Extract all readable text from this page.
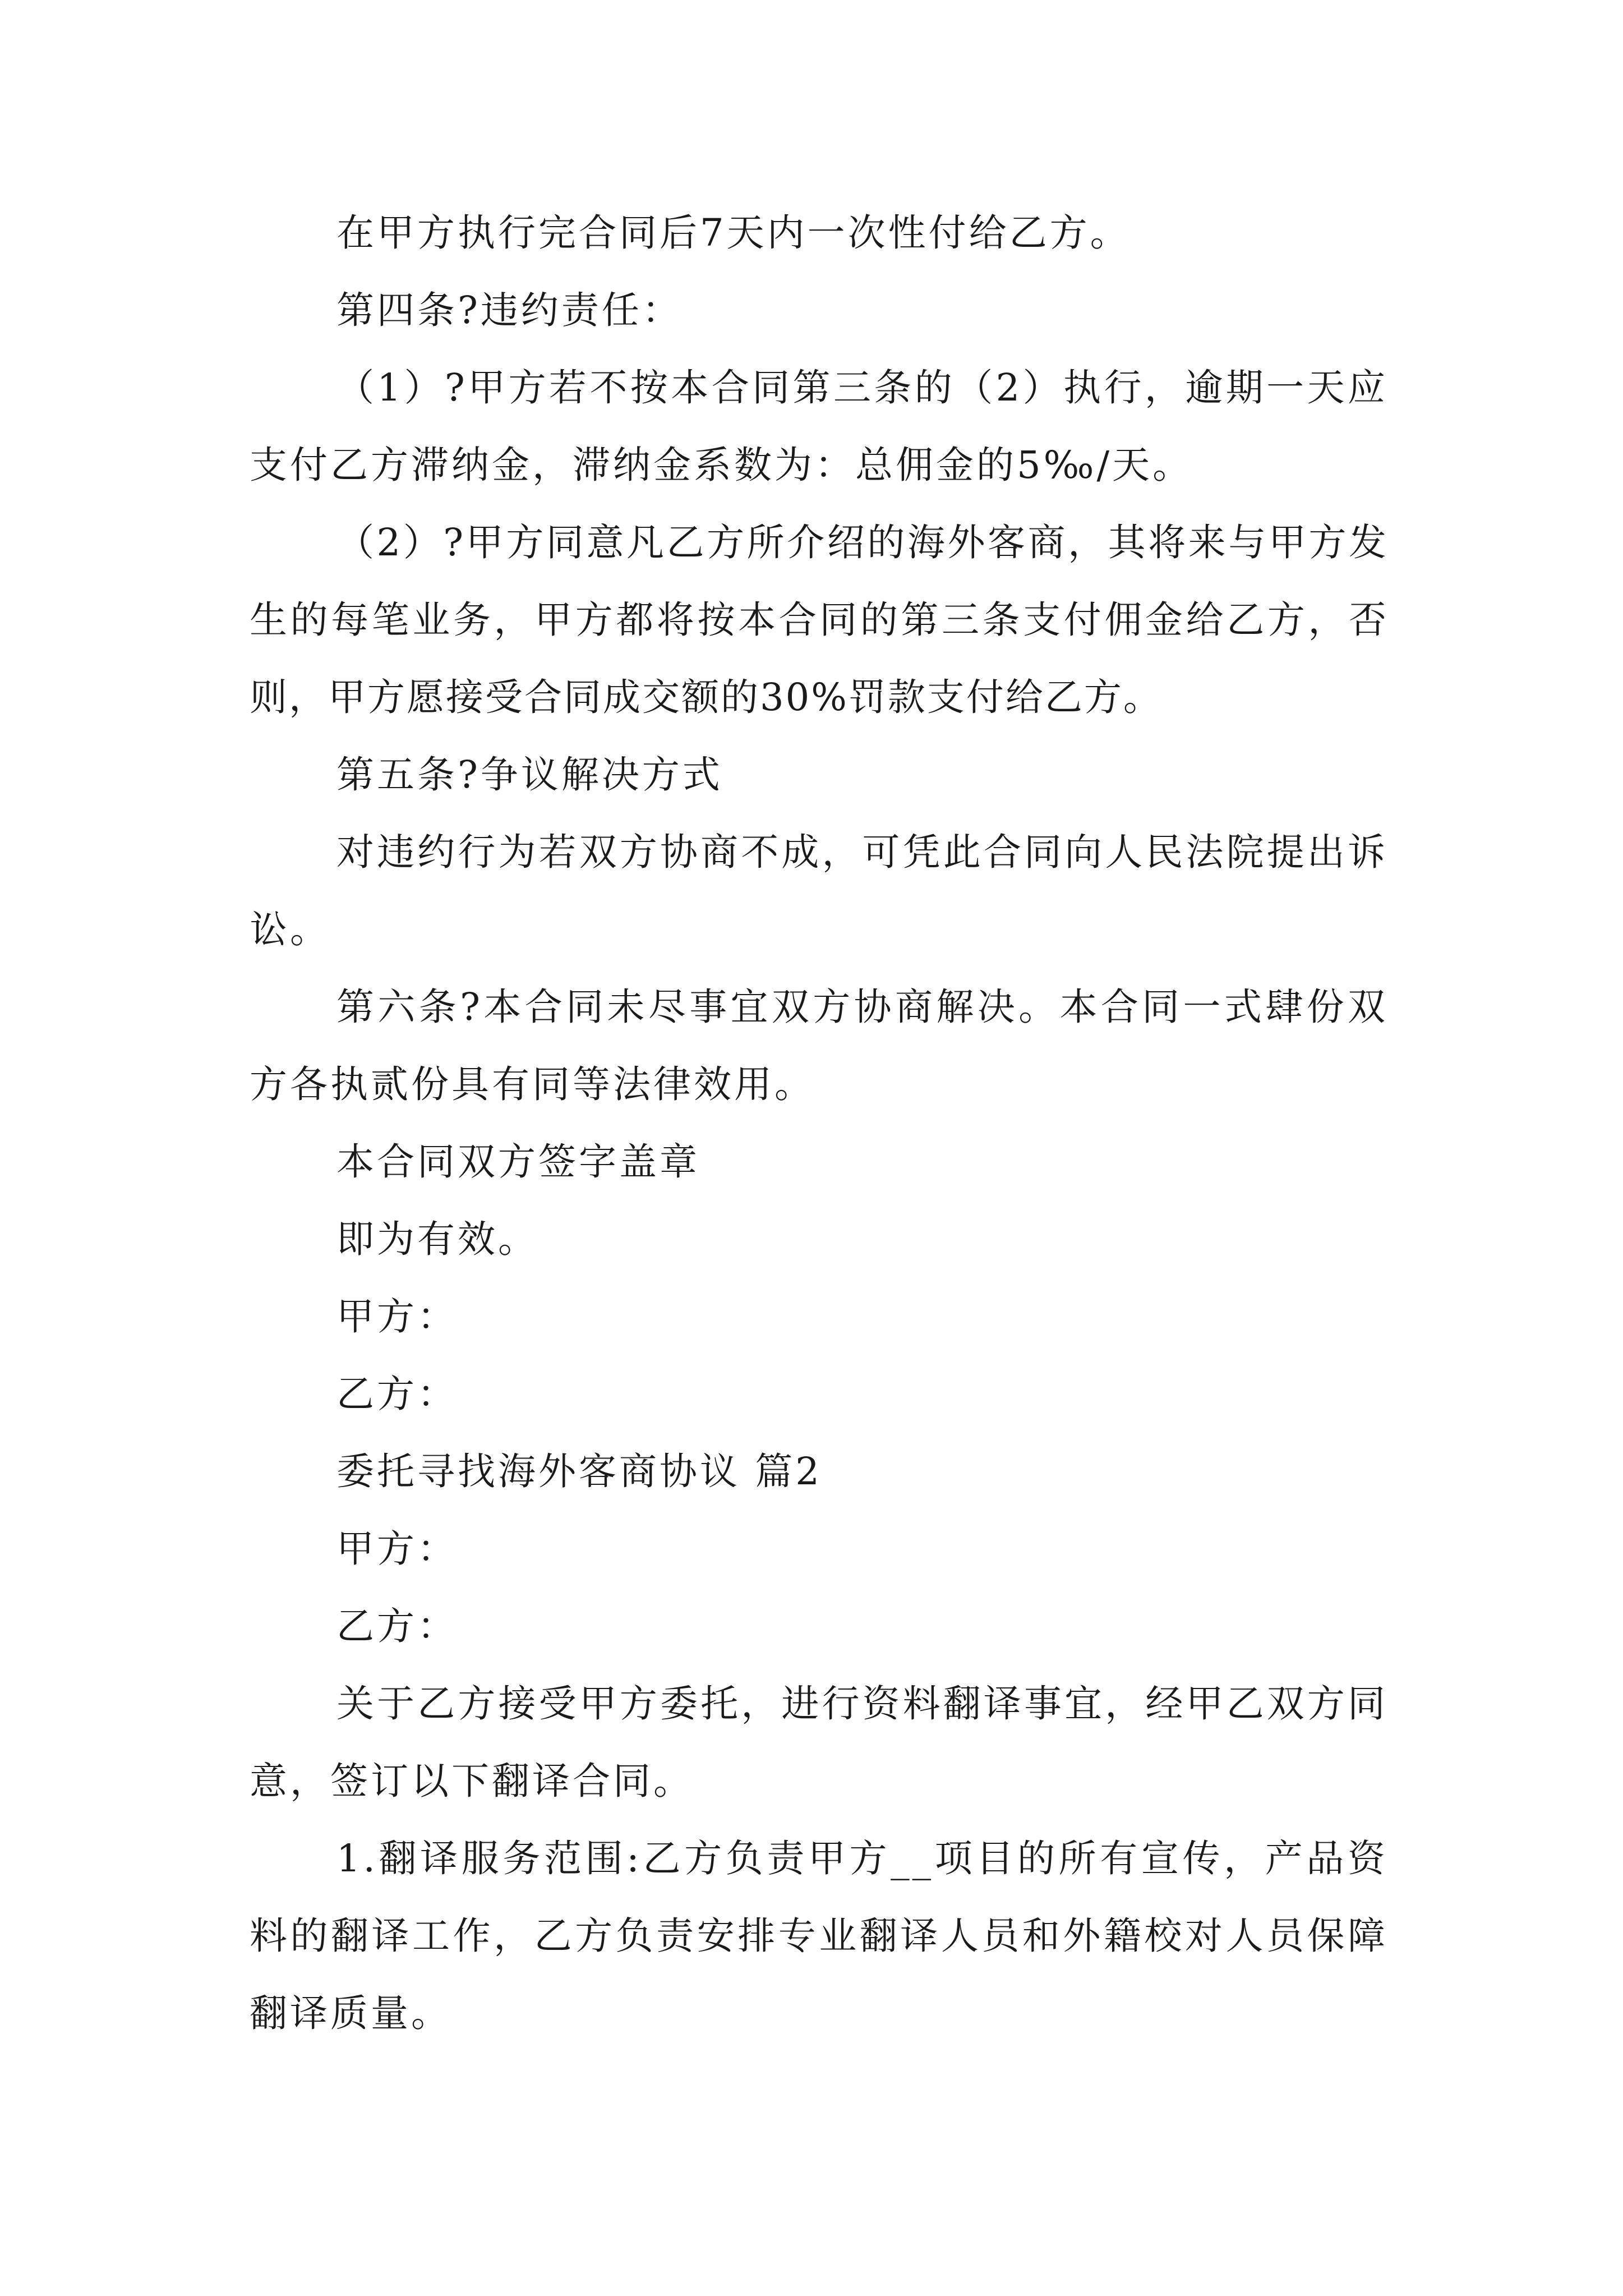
在甲方执行完合同后7天内一次性付给乙方。

第四条?违约责任：

（1）?甲方若不按本合同第三条的（2）执行，逾期一天应支付乙方滞纳金，滞纳金系数为：总佣金的5‰/天。

（2）?甲方同意凡乙方所介绍的海外客商，其将来与甲方发生的每笔业务，甲方都将按本合同的第三条支付佣金给乙方，否则，甲方愿接受合同成交额的30%罚款支付给乙方。

第五条?争议解决方式

对违约行为若双方协商不成，可凭此合同向人民法院提出诉讼。

第六条?本合同未尽事宜双方协商解决。本合同一式肆份双方各执贰份具有同等法律效用。

本合同双方签字盖章

即为有效。

甲方：

乙方：

委托寻找海外客商协议 篇2

甲方：

乙方：

关于乙方接受甲方委托，进行资料翻译事宜，经甲乙双方同意，签订以下翻译合同。

1.翻译服务范围:乙方负责甲方__项目的所有宣传，产品资料的翻译工作，乙方负责安排专业翻译人员和外籍校对人员保障翻译质量。
